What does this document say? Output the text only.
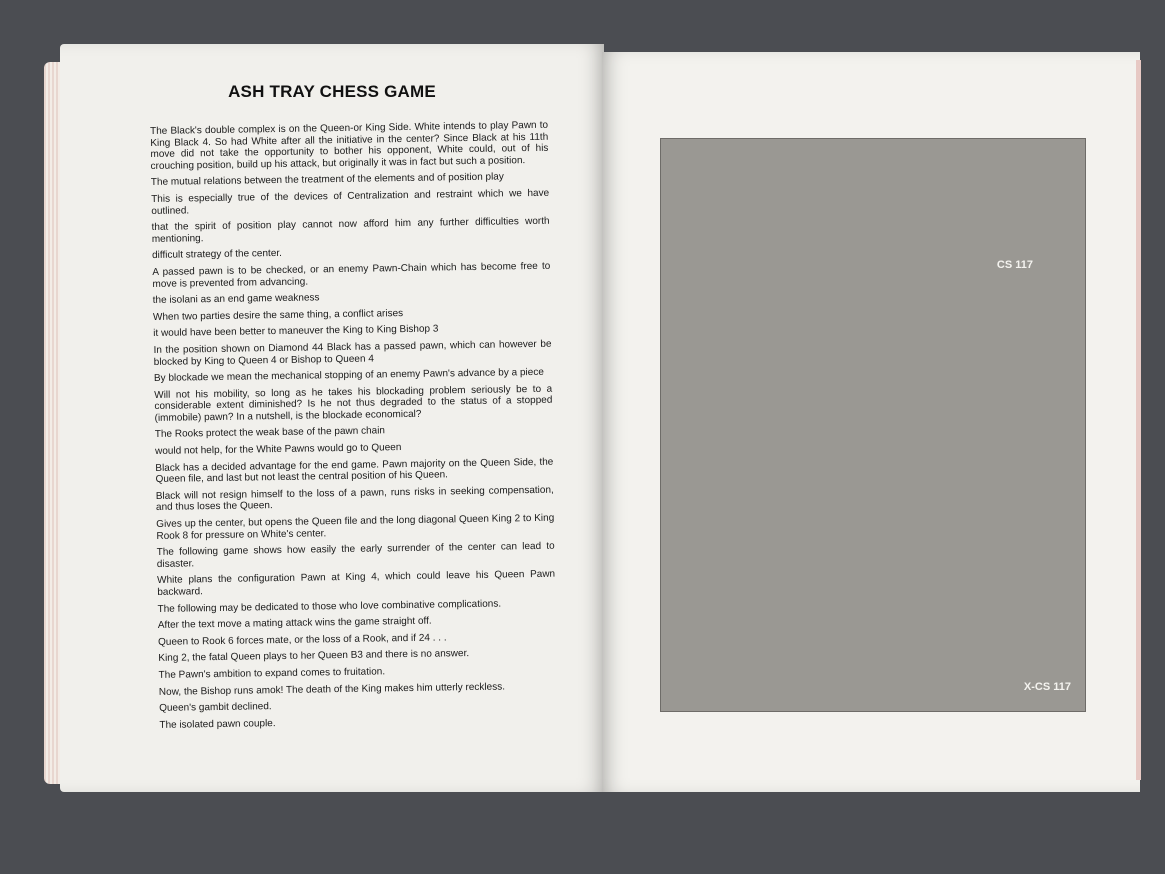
ASH TRAY CHESS GAME

The Black's double complex is on the Queen-or King Side. White intends to play Pawn to King Black 4. So had White after all the initiative in the center? Since Black at his 11th move did not take the opportunity to bother his opponent, White could, out of his crouching position, build up his attack, but originally it was in fact but such a position.

The mutual relations between the treatment of the elements and of position play

This is especially true of the devices of Centralization and restraint which we have outlined.

that the spirit of position play cannot now afford him any further difficulties worth mentioning.

difficult strategy of the center.

A passed pawn is to be checked, or an enemy Pawn-Chain which has become free to move is prevented from advancing.

the isolani as an end game weakness

When two parties desire the same thing, a conflict arises

it would have been better to maneuver the King to King Bishop 3

In the position shown on Diamond 44 Black has a passed pawn, which can however be blocked by King to Queen 4 or Bishop to Queen 4

By blockade we mean the mechanical stopping of an enemy Pawn's advance by a piece

Will not his mobility, so long as he takes his blockading problem seriously be to a considerable extent diminished? Is he not thus degraded to the status of a stopped (immobile) pawn? In a nutshell, is the blockade economical?

The Rooks protect the weak base of the pawn chain

would not help, for the White Pawns would go to Queen

Black has a decided advantage for the end game. Pawn majority on the Queen Side, the Queen file, and last but not least the central position of his Queen.

Black will not resign himself to the loss of a pawn, runs risks in seeking compensation, and thus loses the Queen.

Gives up the center, but opens the Queen file and the long diagonal Queen King 2 to King Rook 8 for pressure on White's center.

The following game shows how easily the early surrender of the center can lead to disaster.

White plans the configuration Pawn at King 4, which could leave his Queen Pawn backward.

The following may be dedicated to those who love combinative complications.

After the text move a mating attack wins the game straight off.

Queen to Rook 6 forces mate, or the loss of a Rook, and if 24 . . .

King 2, the fatal Queen plays to her Queen B3 and there is no answer.

The Pawn's ambition to expand comes to fruitation.

Now, the Bishop runs amok! The death of the King makes him utterly reckless.

Queen's gambit declined.

The isolated pawn couple.

CS 117
X-CS 117
